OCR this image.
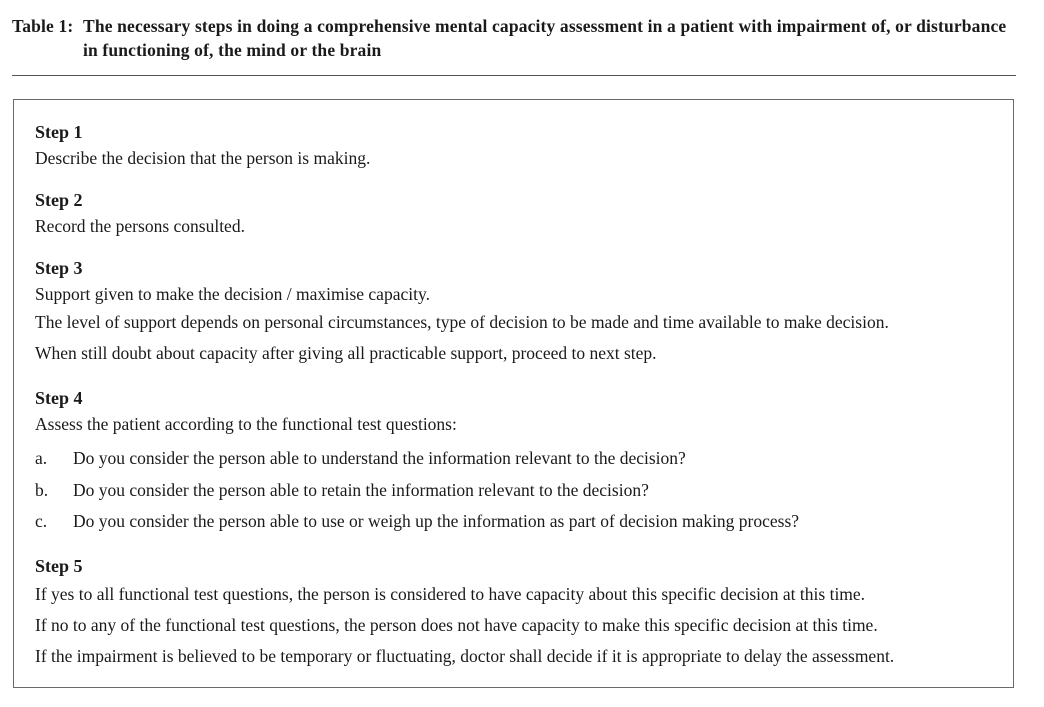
Table 1: The necessary steps in doing a comprehensive mental capacity assessment in a patient with impairment of, or disturbance in functioning of, the mind or the brain
Step 1
Describe the decision that the person is making.
Step 2
Record the persons consulted.
Step 3
Support given to make the decision / maximise capacity.
The level of support depends on personal circumstances, type of decision to be made and time available to make decision.
When still doubt about capacity after giving all practicable support, proceed to next step.
Step 4
Assess the patient according to the functional test questions:
a. Do you consider the person able to understand the information relevant to the decision?
b. Do you consider the person able to retain the information relevant to the decision?
c. Do you consider the person able to use or weigh up the information as part of decision making process?
Step 5
If yes to all functional test questions, the person is considered to have capacity about this specific decision at this time.
If no to any of the functional test questions, the person does not have capacity to make this specific decision at this time.
If the impairment is believed to be temporary or fluctuating, doctor shall decide if it is appropriate to delay the assessment.
